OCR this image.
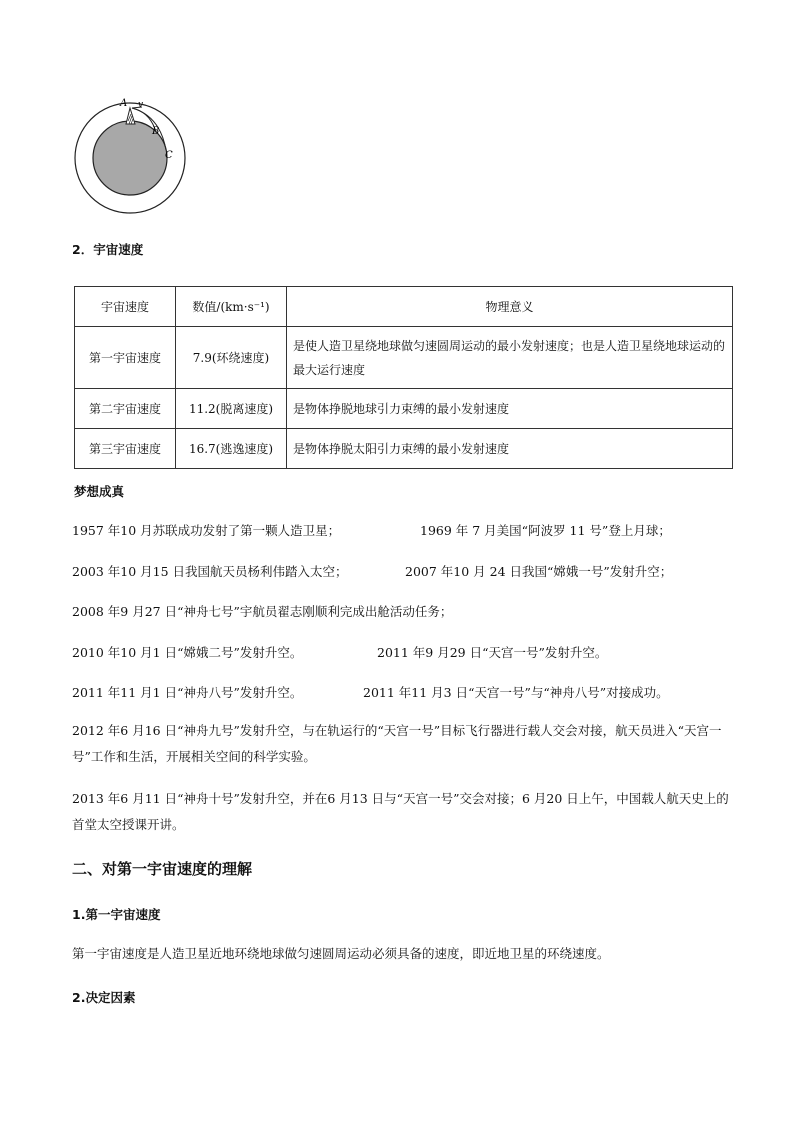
A v
B
C
2．宇宙速度
宇宙速度	数值/(km·s⁻¹)	物理意义
第一宇宙速度	7.9(环绕速度)	是使人造卫星绕地球做匀速圆周运动的最小发射速度；也是人造卫星绕地球运动的最大运行速度
第二宇宙速度	11.2(脱离速度)	是物体挣脱地球引力束缚的最小发射速度
第三宇宙速度	16.7(逃逸速度)	是物体挣脱太阳引力束缚的最小发射速度
梦想成真
1957 年10 月苏联成功发射了第一颗人造卫星；	1969 年 7 月美国“阿波罗 11 号”登上月球；
2003 年10 月15 日我国航天员杨利伟踏入太空；	2007 年10 月 24 日我国“嫦娥一号”发射升空；
2008 年9 月27 日“神舟七号”宇航员翟志刚顺利完成出舱活动任务；
2010 年10 月1 日“嫦娥二号”发射升空。	2011 年9 月29 日“天宫一号”发射升空。
2011 年11 月1 日“神舟八号”发射升空。	2011 年11 月3 日“天宫一号”与“神舟八号”对接成功。
2012 年6 月16 日“神舟九号”发射升空，与在轨运行的“天宫一号”目标飞行器进行载人交会对接，航天员进入“天宫一号”工作和生活，开展相关空间的科学实验。
2013 年6 月11 日“神舟十号”发射升空，并在6 月13 日与“天宫一号”交会对接；6 月20 日上午，中国载人航天史上的首堂太空授课开讲。
二、对第一宇宙速度的理解
1.第一宇宙速度
第一宇宙速度是人造卫星近地环绕地球做匀速圆周运动必须具备的速度，即近地卫星的环绕速度。
2.决定因素
